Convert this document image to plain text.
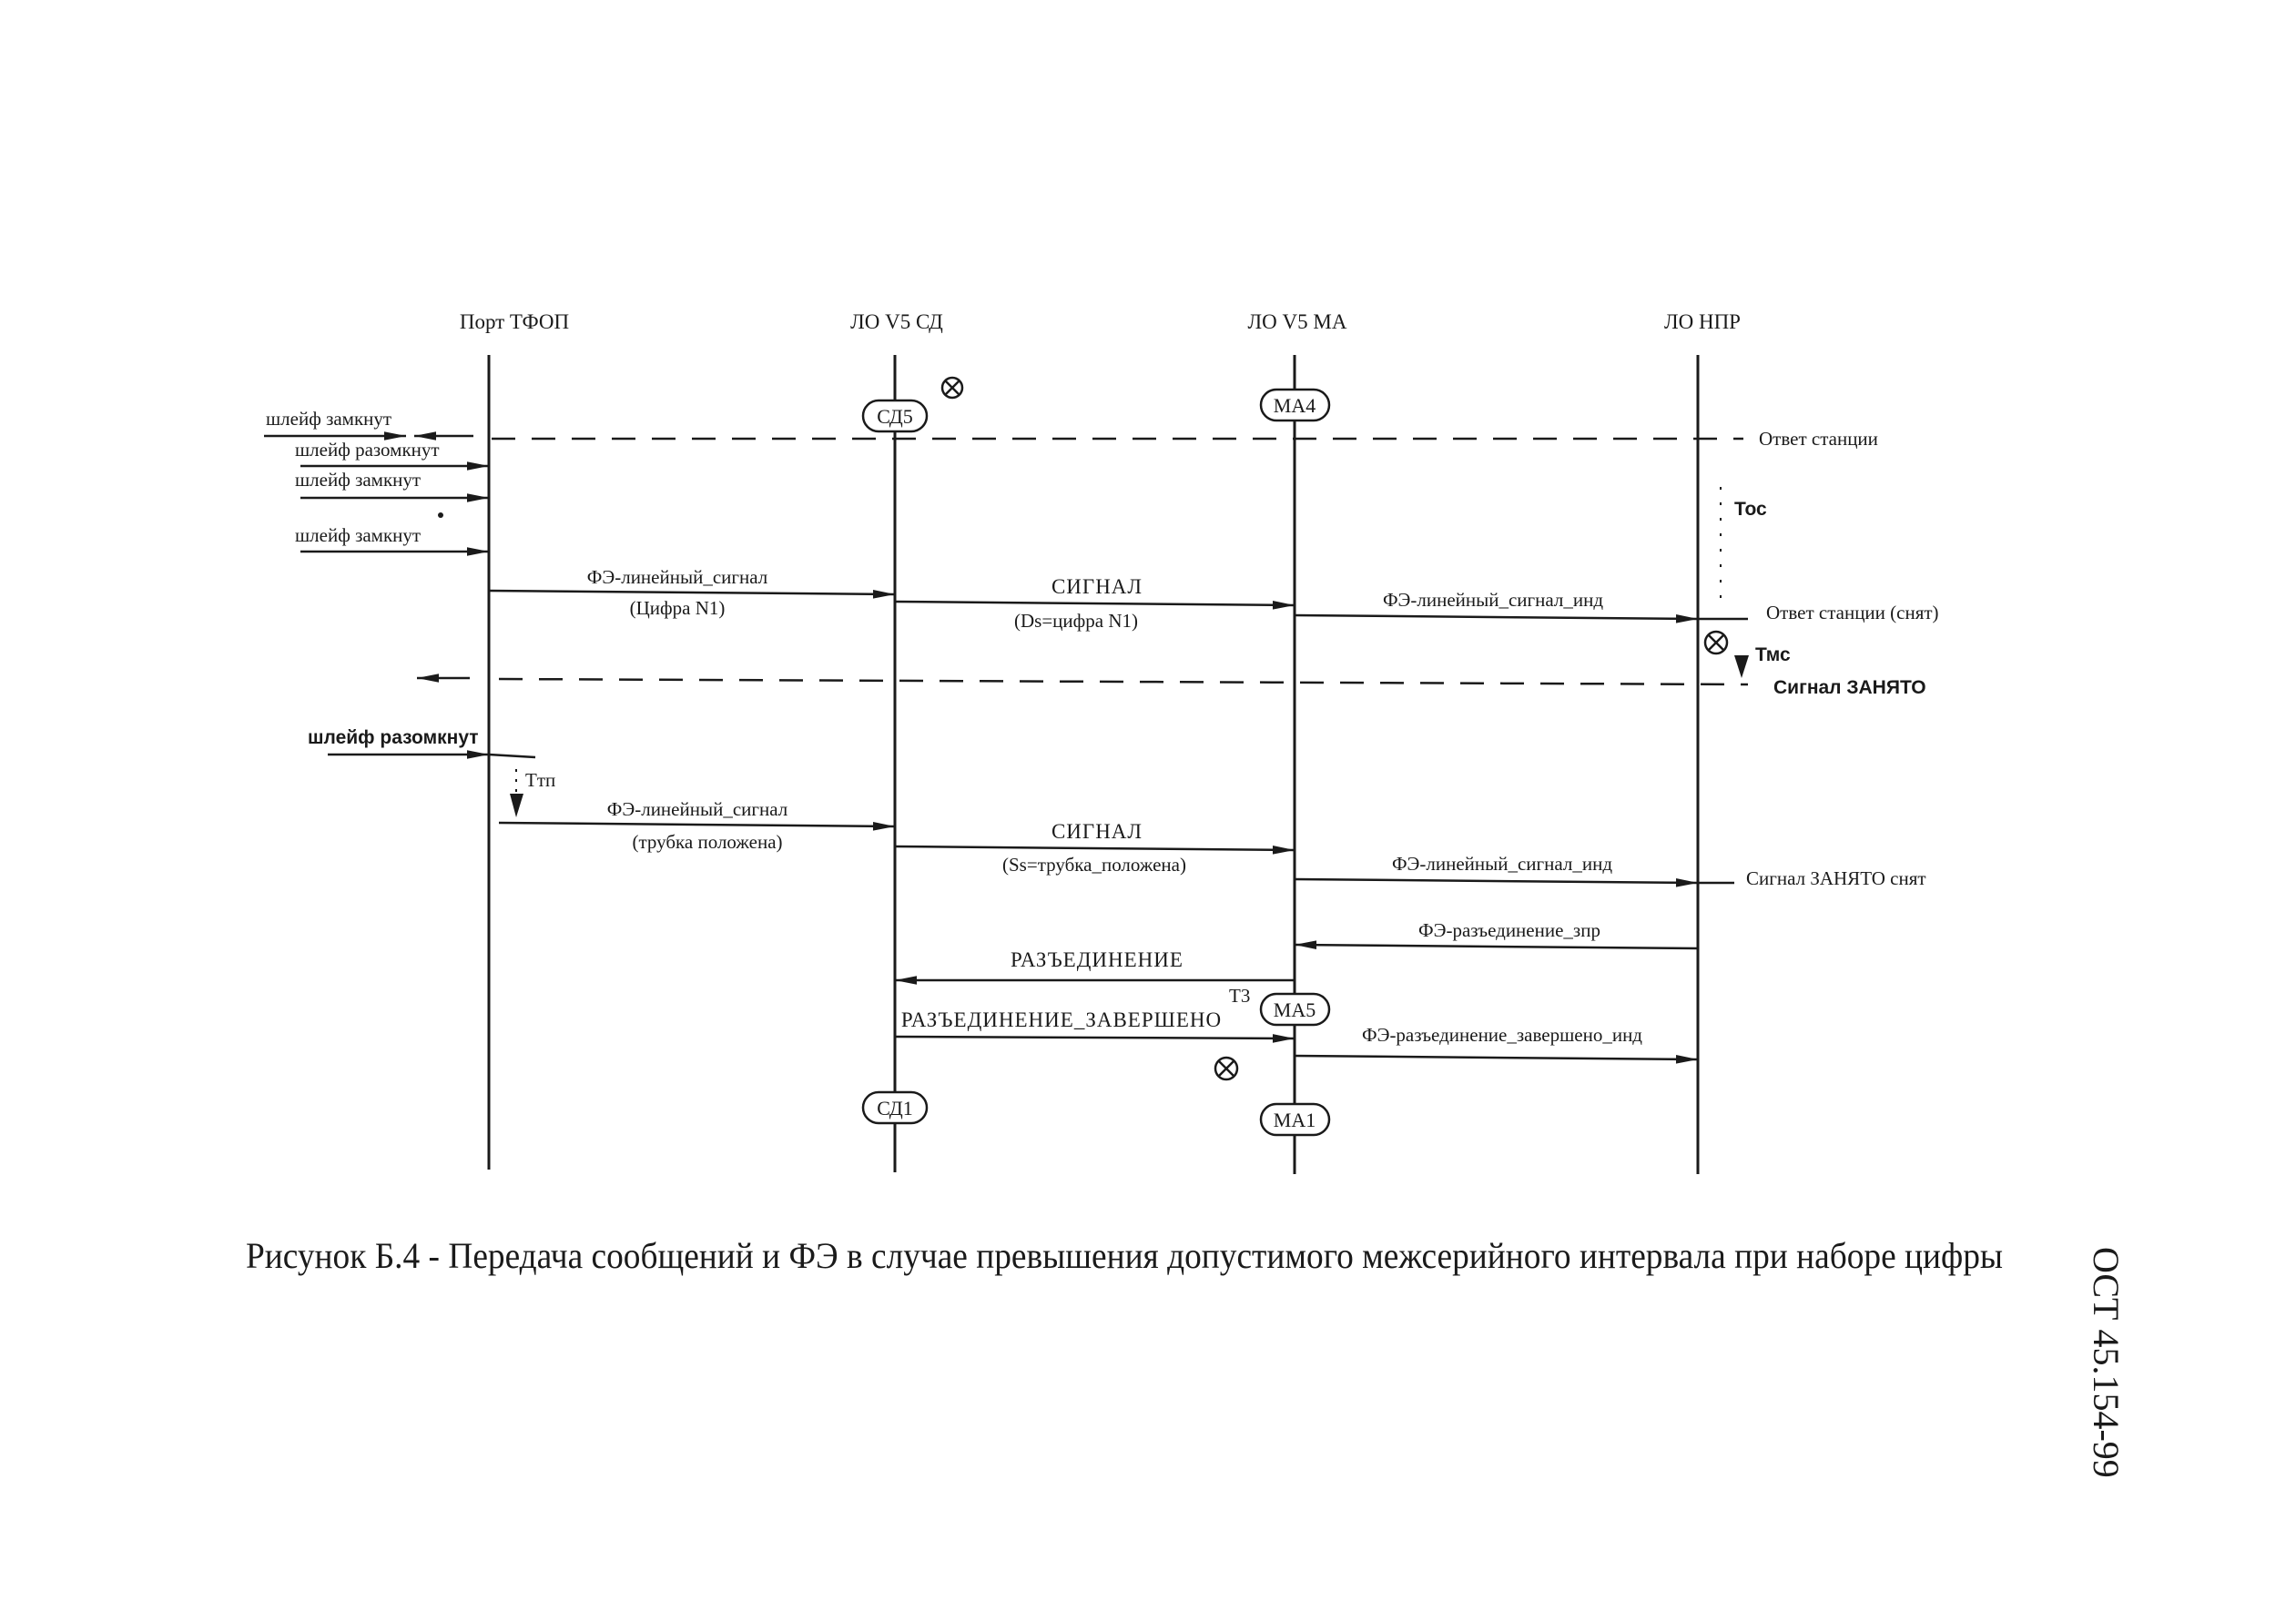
Порт ТФОП	ЛО V5 СД	ЛО V5 МА	ЛО НПР
СД5	МА4
шлейф замкнут
шлейф разомкнут
шлейф замкнут
шлейф замкнут
Ответ станции
Тос
ФЭ-линейный_сигнал
(Цифра N1)
СИГНАЛ
(Ds=цифра N1)
ФЭ-линейный_сигнал_инд
Ответ станции (снят)
Тмс
Сигнал ЗАНЯТО
шлейф разомкнут
Ттп
ФЭ-линейный_сигнал
(трубка положена)	СИГНАЛ
(Ss=трубка_положена)	ФЭ-линейный_сигнал_инд
Сигнал ЗАНЯТО снят
ФЭ-разъединение_зпр
РАЗЪЕДИНЕНИЕ
Т3
МА5
РАЗЪЕДИНЕНИЕ_ЗАВЕРШЕНО
ФЭ-разъединение_завершено_инд
СД1
МА1
Рисунок Б.4 - Передача сообщений и ФЭ в случае превышения допустимого межсерийного интервала при наборе цифры ОСТ 45.154-99
